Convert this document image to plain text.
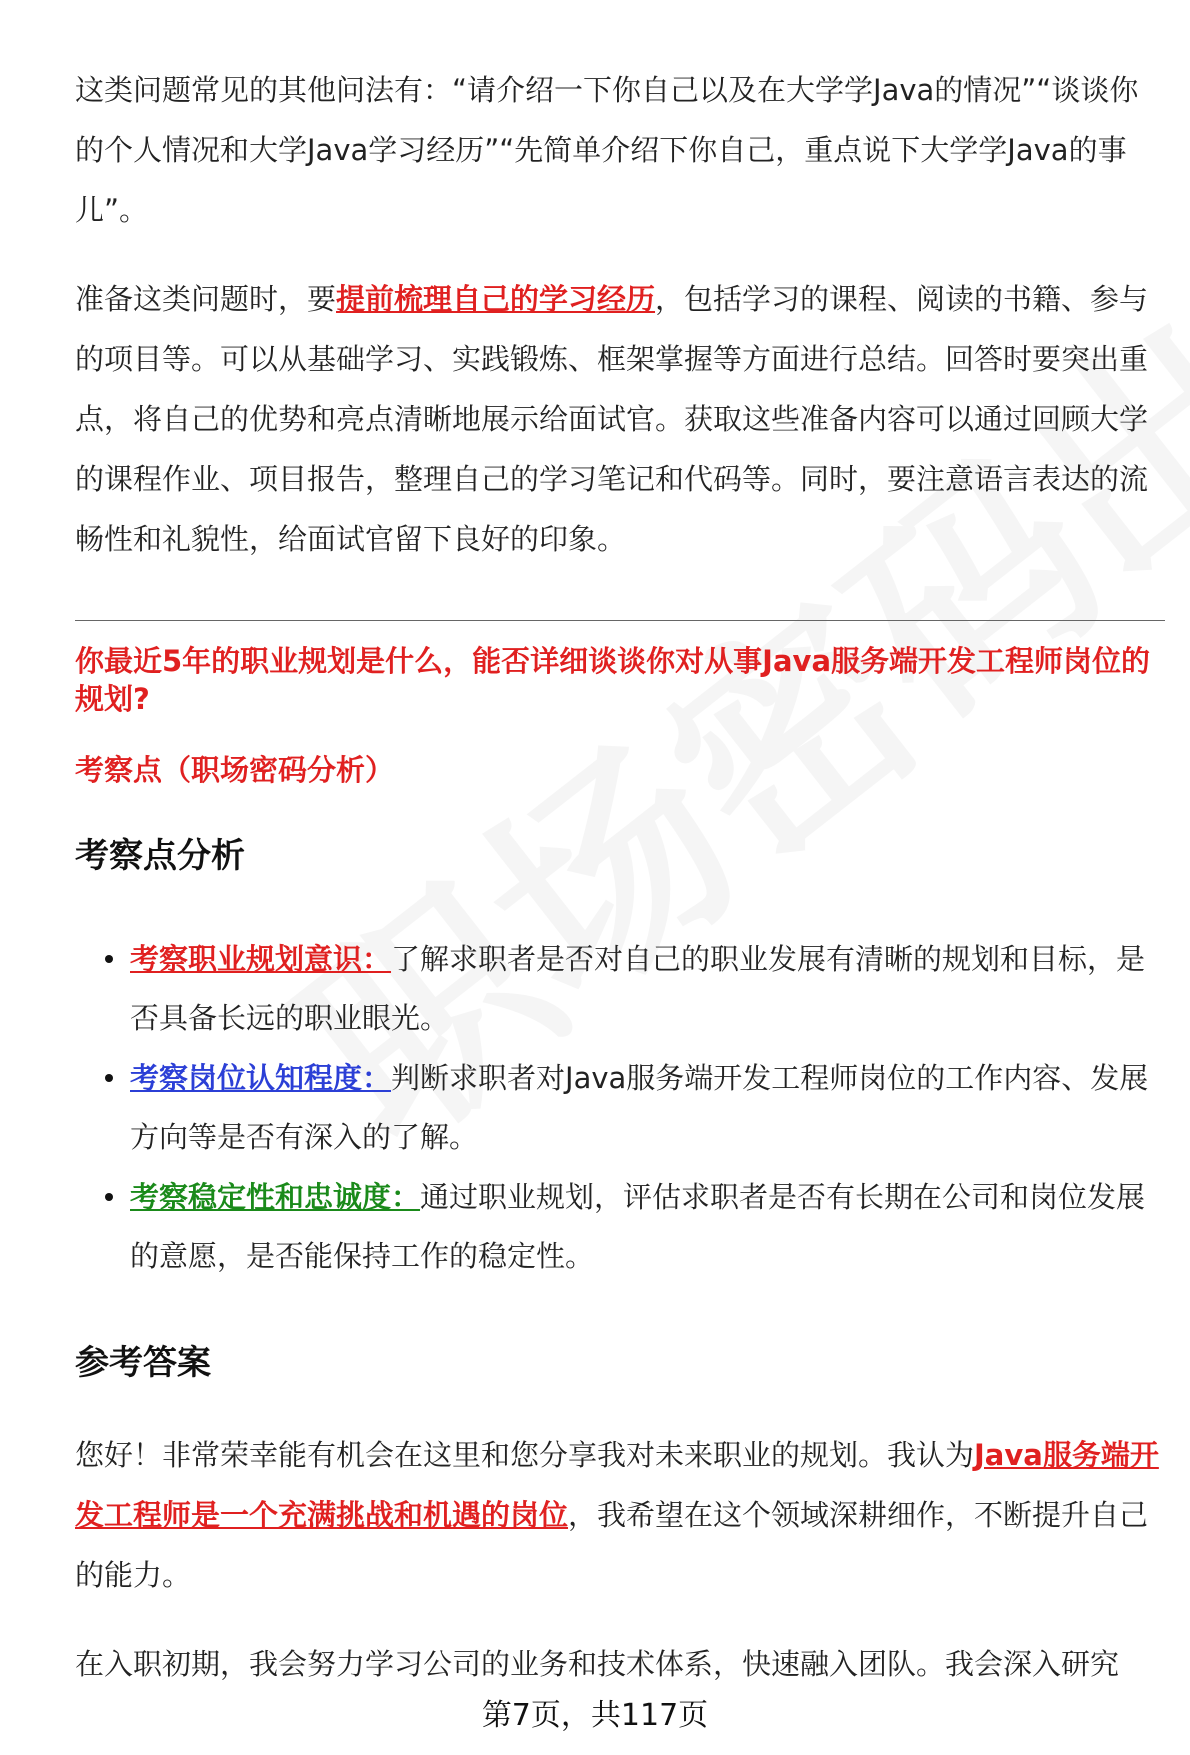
这类问题常见的其他问法有：“请介绍一下你自己以及在大学学Java的情况”“谈谈你的个人情况和大学Java学习经历”“先简单介绍下你自己，重点说下大学学Java的事儿”。

准备这类问题时，要提前梳理自己的学习经历，包括学习的课程、阅读的书籍、参与的项目等。可以从基础学习、实践锻炼、框架掌握等方面进行总结。回答时要突出重点，将自己的优势和亮点清晰地展示给面试官。获取这些准备内容可以通过回顾大学的课程作业、项目报告，整理自己的学习笔记和代码等。同时，要注意语言表达的流畅性和礼貌性，给面试官留下良好的印象。

你最近5年的职业规划是什么，能否详细谈谈你对从事Java服务端开发工程师岗位的规划?
考察点（职场密码分析）
考察点分析
考察职业规划意识：了解求职者是否对自己的职业发展有清晰的规划和目标，是否具备长远的职业眼光。
考察岗位认知程度：判断求职者对Java服务端开发工程师岗位的工作内容、发展方向等是否有深入的了解。
考察稳定性和忠诚度：通过职业规划，评估求职者是否有长期在公司和岗位发展的意愿，是否能保持工作的稳定性。
参考答案

您好！非常荣幸能有机会在这里和您分享我对未来职业的规划。我认为Java服务端开发工程师是一个充满挑战和机遇的岗位，我希望在这个领域深耕细作，不断提升自己的能力。

在入职初期，我会努力学习公司的业务和技术体系，快速融入团队。我会深入研究

第7页，共117页
